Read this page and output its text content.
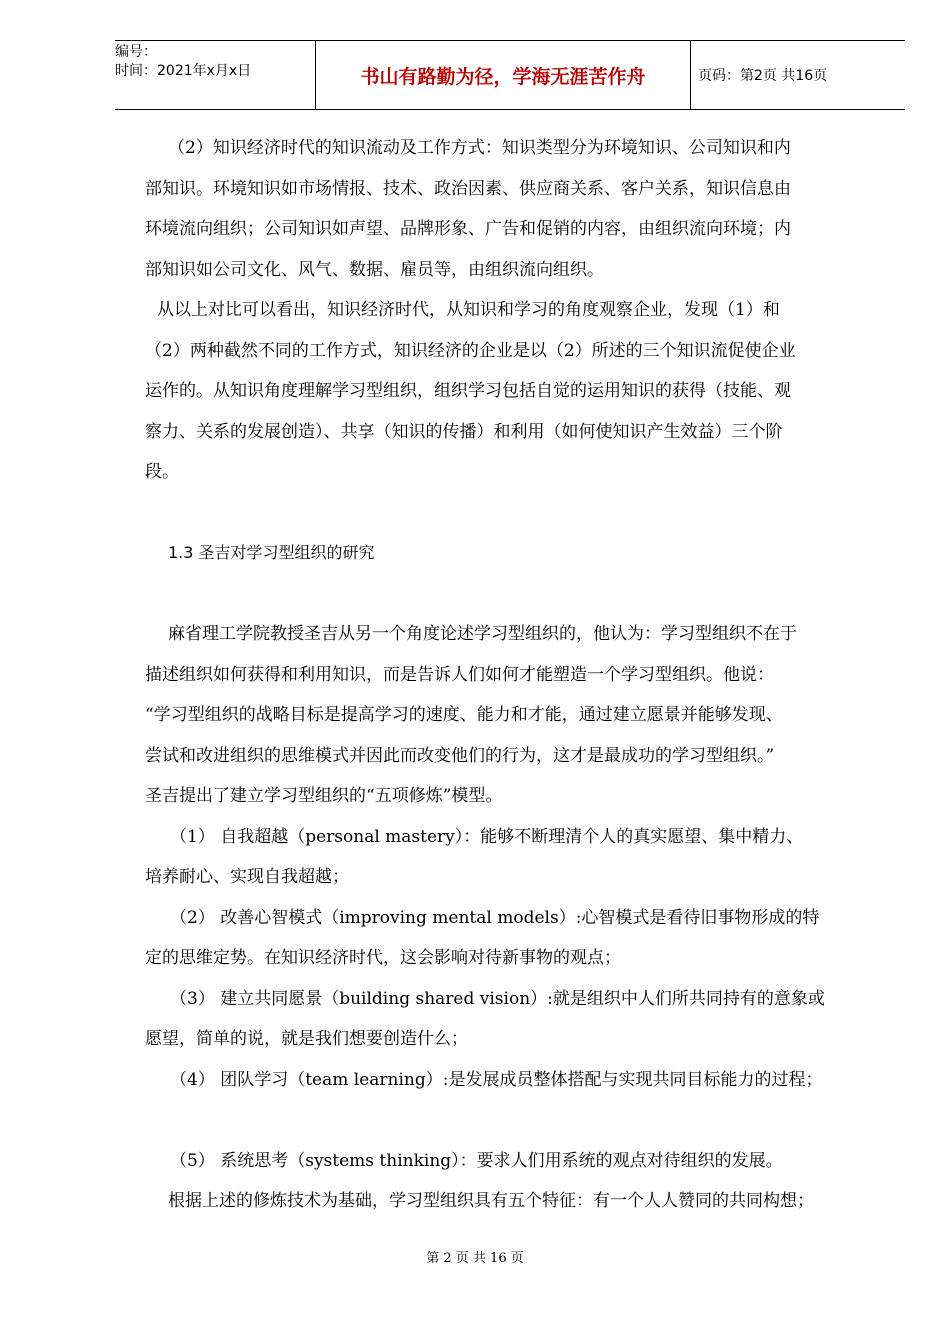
编号：
时间：2021年x月x日	书山有路勤为径，学海无涯苦作舟	页码：第2页 共16页
（2）知识经济时代的知识流动及工作方式：知识类型分为环境知识、公司知识和内
部知识。环境知识如市场情报、技术、政治因素、供应商关系、客户关系，知识信息由
环境流向组织；公司知识如声望、品牌形象、广告和促销的内容，由组织流向环境；内
部知识如公司文化、风气、数据、雇员等，由组织流向组织。
从以上对比可以看出，知识经济时代，从知识和学习的角度观察企业，发现（1）和
（2）两种截然不同的工作方式，知识经济的企业是以（2）所述的三个知识流促使企业
运作的。从知识角度理解学习型组织，组织学习包括自觉的运用知识的获得（技能、观
察力、关系的发展创造）、共享（知识的传播）和利用（如何使知识产生效益）三个阶
段。
1.3 圣吉对学习型组织的研究
麻省理工学院教授圣吉从另一个角度论述学习型组织的，他认为：学习型组织不在于
描述组织如何获得和利用知识，而是告诉人们如何才能塑造一个学习型组织。他说：
“学习型组织的战略目标是提高学习的速度、能力和才能，通过建立愿景并能够发现、
尝试和改进组织的思维模式并因此而改变他们的行为，这才是最成功的学习型组织。”
圣吉提出了建立学习型组织的“五项修炼”模型。
（1） 自我超越（personal mastery）：能够不断理清个人的真实愿望、集中精力、
培养耐心、实现自我超越；
（2） 改善心智模式（improving mental models）:心智模式是看待旧事物形成的特
定的思维定势。在知识经济时代，这会影响对待新事物的观点；
（3） 建立共同愿景（building shared vision）:就是组织中人们所共同持有的意象或
愿望，简单的说，就是我们想要创造什么；
（4） 团队学习（team learning）:是发展成员整体搭配与实现共同目标能力的过程；
（5） 系统思考（systems thinking）：要求人们用系统的观点对待组织的发展。
根据上述的修炼技术为基础，学习型组织具有五个特征：有一个人人赞同的共同构想；
第 2 页 共 16 页
